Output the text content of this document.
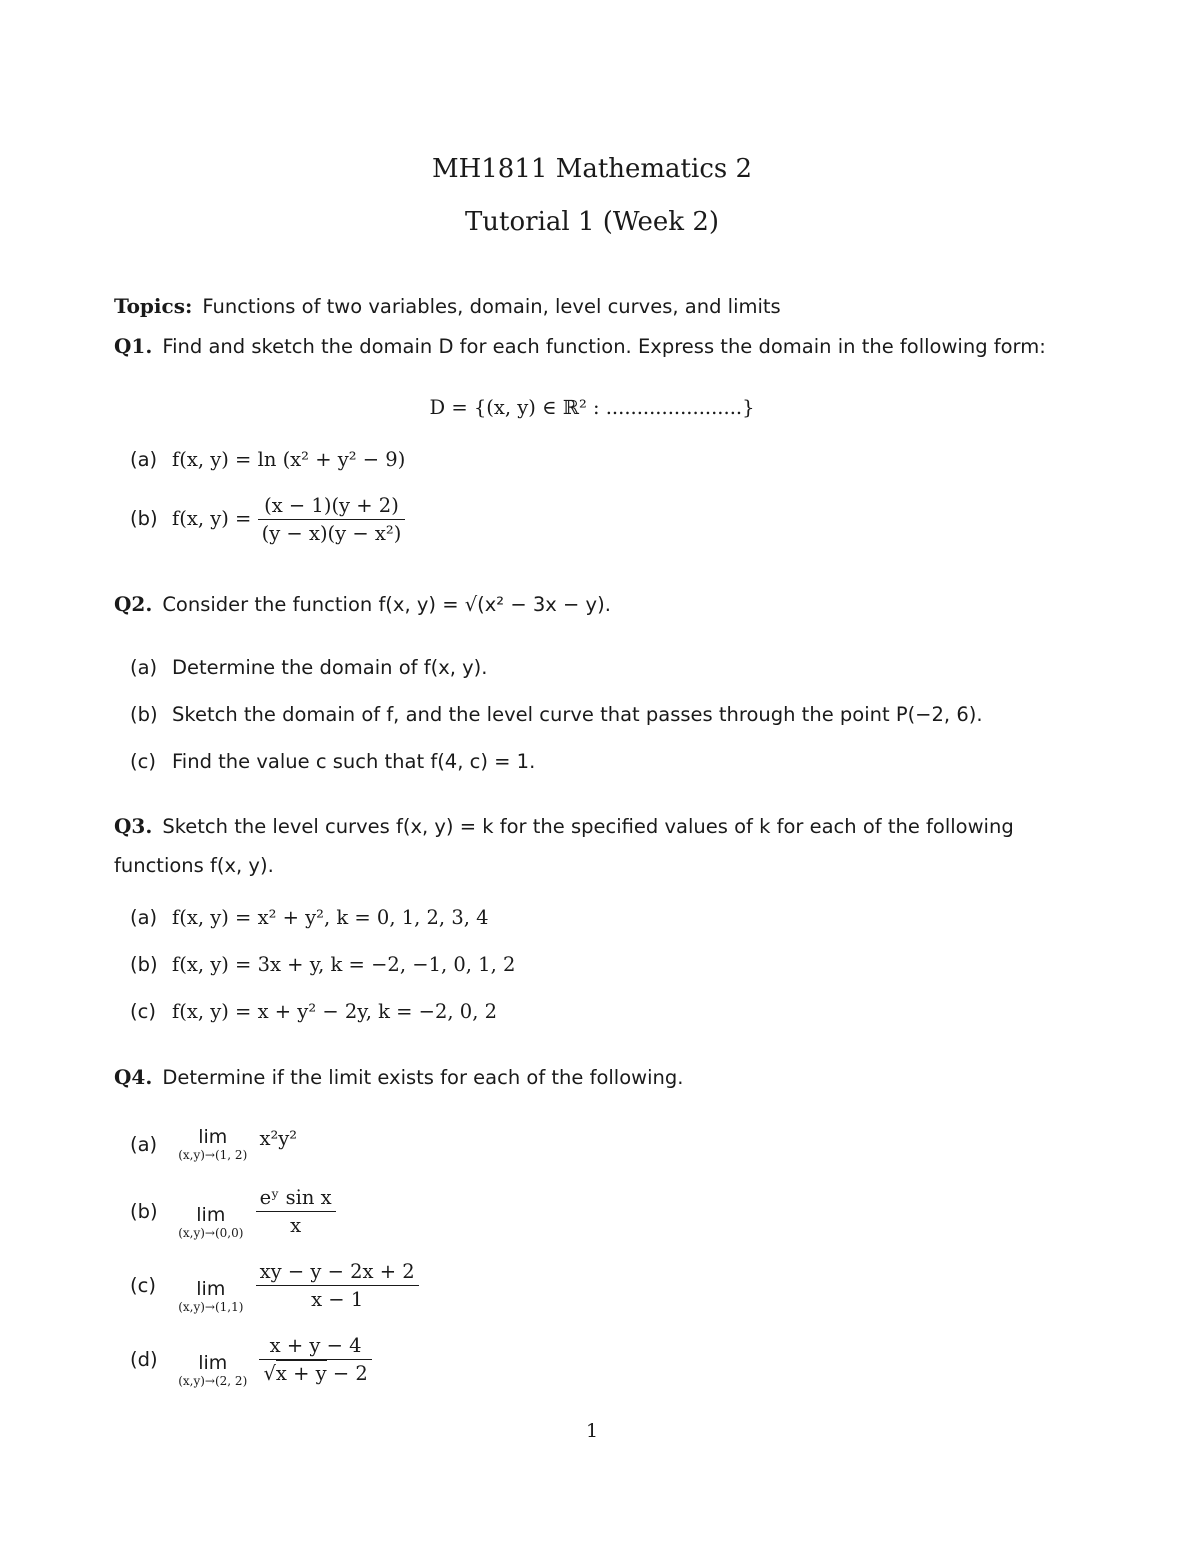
MH1811 Mathematics 2
Tutorial 1 (Week 2)
Topics: Functions of two variables, domain, level curves, and limits
Q1. Find and sketch the domain D for each function. Express the domain in the following form:
D = {(x, y) ∈ ℝ² : ......................}
(a) f(x, y) = ln (x² + y² − 9)
(b) f(x, $y) = \frac{(x - 1)(y + 2)}{\text{(y − x)(y − x²)}}$
Q2. Consider the function f(x, y) = √(x² − 3x − y).
(a) Determine the domain of f(x, y).
(b) Sketch the domain of f, and the level curve that passes through the point P(−2, 6).
(c) Find the value c such that f(4, c) = 1.
Q3. Sketch the level curves f(x, y) = k for the specified values of k for each of the following
functions f(x, y).
(a) f(x, y) = x² + y², k = 0, 1, 2, 3, 4
(b) f(x, y) = 3x + y, k = −2, −1, 0, 1, 2
(c) f(x, y) = x + y² − 2y, k = −2, 0, 2
Q4. Determine if the limit exists for each of the following.
(a)	lim
(x,y)→(1, 2)
x²y²
(b)	lim
(x,y)→(0,0)
$\frac{\text{eʸ sin x}}{x}$
(c)	lim
(x,y)→(1,1)
$\frac{xy - y - 2x + 2}{x - 1}$
(d)	lim
(x,y)→(2, 2)
$\frac{x + y - 4}{√x + y - 2}$
1
